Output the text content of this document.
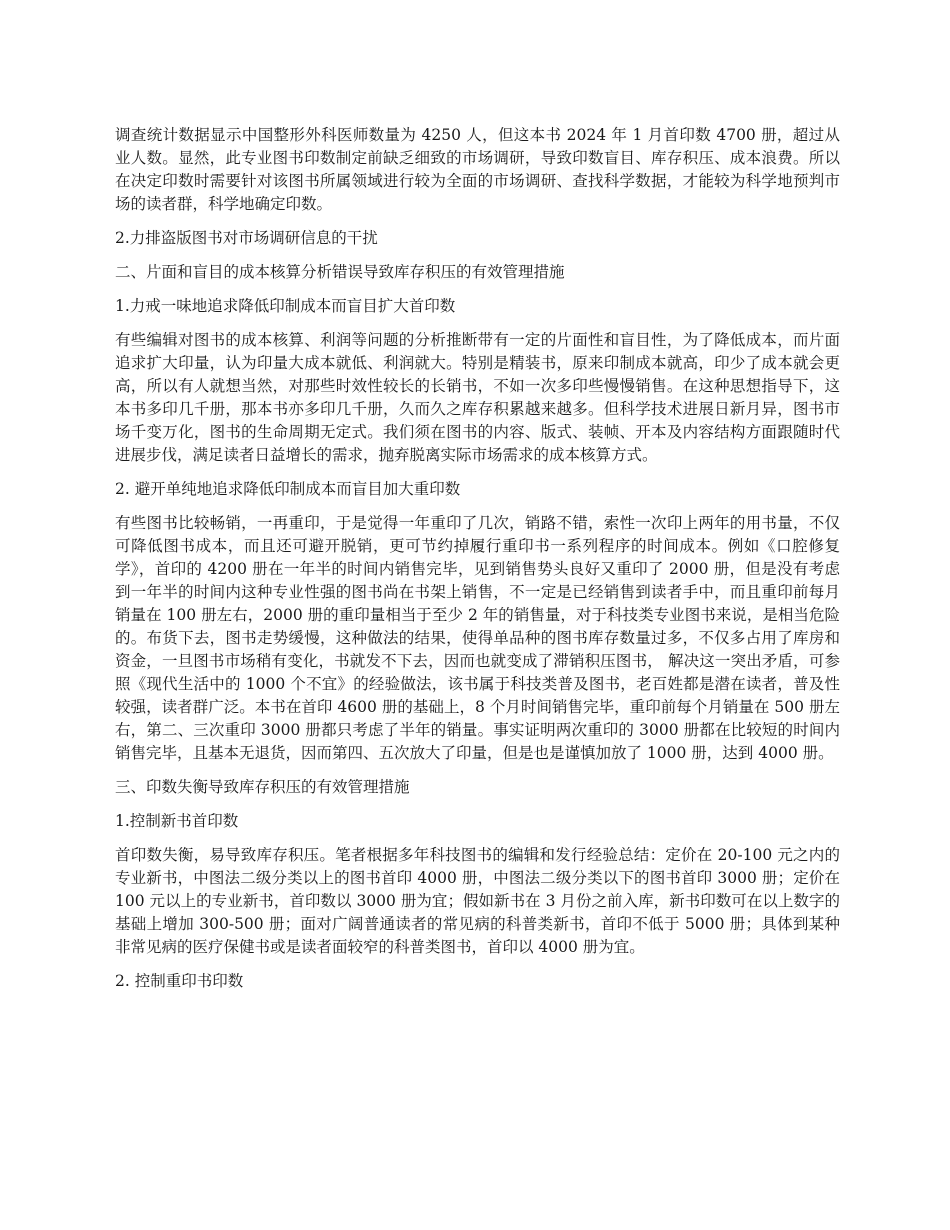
调查统计数据显示中国整形外科医师数量为 4250 人，但这本书 2024 年 1 月首印数 4700 册，超过从业人数。显然，此专业图书印数制定前缺乏细致的市场调研，导致印数盲目、库存积压、成本浪费。所以在决定印数时需要针对该图书所属领域进行较为全面的市场调研、查找科学数据，才能较为科学地预判市场的读者群，科学地确定印数。

2.力排盗版图书对市场调研信息的干扰

二、片面和盲目的成本核算分析错误导致库存积压的有效管理措施

1.力戒一味地追求降低印制成本而盲目扩大首印数

有些编辑对图书的成本核算、利润等问题的分析推断带有一定的片面性和盲目性，为了降低成本，而片面追求扩大印量，认为印量大成本就低、利润就大。特别是精装书，原来印制成本就高，印少了成本就会更高，所以有人就想当然，对那些时效性较长的长销书，不如一次多印些慢慢销售。在这种思想指导下，这本书多印几千册，那本书亦多印几千册，久而久之库存积累越来越多。但科学技术进展日新月异，图书市场千变万化，图书的生命周期无定式。我们须在图书的内容、版式、装帧、开本及内容结构方面跟随时代进展步伐，满足读者日益增长的需求，抛弃脱离实际市场需求的成本核算方式。

2. 避开单纯地追求降低印制成本而盲目加大重印数

有些图书比较畅销，一再重印，于是觉得一年重印了几次，销路不错，索性一次印上两年的用书量，不仅可降低图书成本，而且还可避开脱销，更可节约掉履行重印书一系列程序的时间成本。例如《口腔修复学》，首印的 4200 册在一年半的时间内销售完毕，见到销售势头良好又重印了 2000 册，但是没有考虑到一年半的时间内这种专业性强的图书尚在书架上销售，不一定是已经销售到读者手中，而且重印前每月销量在 100 册左右，2000 册的重印量相当于至少 2 年的销售量，对于科技类专业图书来说，是相当危险的。布货下去，图书走势缓慢，这种做法的结果，使得单品种的图书库存数量过多，不仅多占用了库房和资金，一旦图书市场稍有变化，书就发不下去，因而也就变成了滞销积压图书， 解决这一突出矛盾，可参照《现代生活中的 1000 个不宜》的经验做法，该书属于科技类普及图书，老百姓都是潜在读者，普及性较强，读者群广泛。本书在首印 4600 册的基础上，8 个月时间销售完毕，重印前每个月销量在 500 册左右，第二、三次重印 3000 册都只考虑了半年的销量。事实证明两次重印的 3000 册都在比较短的时间内销售完毕，且基本无退货，因而第四、五次放大了印量，但是也是谨慎加放了 1000 册，达到 4000 册。

三、印数失衡导致库存积压的有效管理措施

1.控制新书首印数

首印数失衡，易导致库存积压。笔者根据多年科技图书的编辑和发行经验总结：定价在 20-100 元之内的专业新书，中图法二级分类以上的图书首印 4000 册，中图法二级分类以下的图书首印 3000 册；定价在 100 元以上的专业新书，首印数以 3000 册为宜；假如新书在 3 月份之前入库，新书印数可在以上数字的基础上增加 300-500 册；面对广阔普通读者的常见病的科普类新书，首印不低于 5000 册；具体到某种非常见病的医疗保健书或是读者面较窄的科普类图书，首印以 4000 册为宜。

2. 控制重印书印数
